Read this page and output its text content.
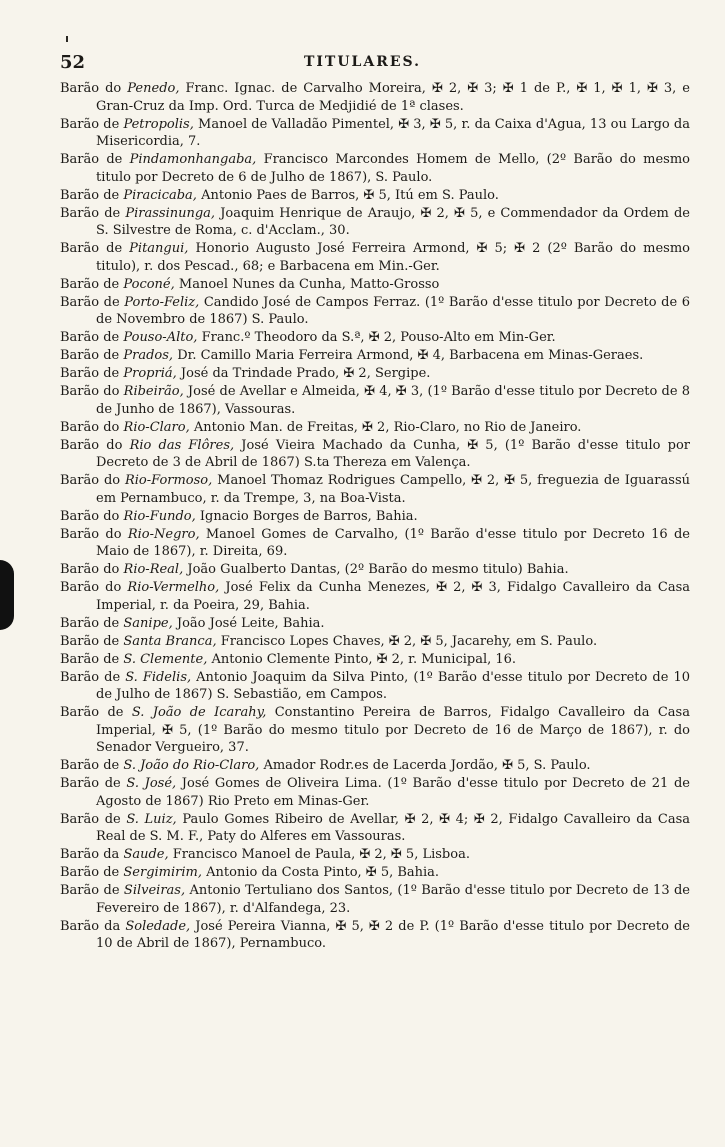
52	TITULARES.

Barão do Penedo, Franc. Ignac. de Carvalho Moreira, ✠ 2, ✠ 3; ✠ 1 de P., ✠ 1, ✠ 1, ✠ 3, e Gran-Cruz da Imp. Ord. Turca de Medjidié de 1ª clases.

Barão de Petropolis, Manoel de Valladão Pimentel, ✠ 3, ✠ 5, r. da Caixa d'Agua, 13 ou Largo da Misericordia, 7.

Barão de Pindamonhangaba, Francisco Marcondes Homem de Mello, (2º Barão do mesmo titulo por Decreto de 6 de Julho de 1867), S. Paulo.

Barão de Piracicaba, Antonio Paes de Barros, ✠ 5, Itú em S. Paulo.

Barão de Pirassinunga, Joaquim Henrique de Araujo, ✠ 2, ✠ 5, e Commendador da Ordem de S. Silvestre de Roma, c. d'Acclam., 30.

Barão de Pitangui, Honorio Augusto José Ferreira Armond, ✠ 5; ✠ 2 (2º Barão do mesmo titulo), r. dos Pescad., 68; e Barbacena em Min.-Ger.

Barão de Poconé, Manoel Nunes da Cunha, Matto-Grosso

Barão de Porto-Feliz, Candido José de Campos Ferraz. (1º Barão d'esse titulo por Decreto de 6 de Novembro de 1867) S. Paulo.

Barão de Pouso-Alto, Franc.º Theodoro da S.ª, ✠ 2, Pouso-Alto em Min-Ger.

Barão de Prados, Dr. Camillo Maria Ferreira Armond, ✠ 4, Barbacena em Minas-Geraes.

Barão de Propriá, José da Trindade Prado, ✠ 2, Sergipe.

Barão do Ribeirão, José de Avellar e Almeida, ✠ 4, ✠ 3, (1º Barão d'esse titulo por Decreto de 8 de Junho de 1867), Vassouras.

Barão do Rio-Claro, Antonio Man. de Freitas, ✠ 2, Rio-Claro, no Rio de Janeiro.

Barão do Rio das Flôres, José Vieira Machado da Cunha, ✠ 5, (1º Barão d'esse titulo por Decreto de 3 de Abril de 1867) S.ta Thereza em Valença.

Barão do Rio-Formoso, Manoel Thomaz Rodrigues Campello, ✠ 2, ✠ 5, freguezia de Iguarassú em Pernambuco, r. da Trempe, 3, na Boa-Vista.

Barão do Rio-Fundo, Ignacio Borges de Barros, Bahia.

Barão do Rio-Negro, Manoel Gomes de Carvalho, (1º Barão d'esse titulo por Decreto 16 de Maio de 1867), r. Direita, 69.

Barão do Rio-Real, João Gualberto Dantas, (2º Barão do mesmo titulo) Bahia.

Barão do Rio-Vermelho, José Felix da Cunha Menezes, ✠ 2, ✠ 3, Fidalgo Cavalleiro da Casa Imperial, r. da Poeira, 29, Bahia.

Barão de Sanipe, João José Leite, Bahia.

Barão de Santa Branca, Francisco Lopes Chaves, ✠ 2, ✠ 5, Jacarehy, em S. Paulo.

Barão de S. Clemente, Antonio Clemente Pinto, ✠ 2, r. Municipal, 16.

Barão de S. Fidelis, Antonio Joaquim da Silva Pinto, (1º Barão d'esse titulo por Decreto de 10 de Julho de 1867) S. Sebastião, em Campos.

Barão de S. João de Icarahy, Constantino Pereira de Barros, Fidalgo Cavalleiro da Casa Imperial, ✠ 5, (1º Barão do mesmo titulo por Decreto de 16 de Março de 1867), r. do Senador Vergueiro, 37.

Barão de S. João do Rio-Claro, Amador Rodr.es de Lacerda Jordão, ✠ 5, S. Paulo.

Barão de S. José, José Gomes de Oliveira Lima. (1º Barão d'esse titulo por Decreto de 21 de Agosto de 1867) Rio Preto em Minas-Ger.

Barão de S. Luiz, Paulo Gomes Ribeiro de Avellar, ✠ 2, ✠ 4; ✠ 2, Fidalgo Cavalleiro da Casa Real de S. M. F., Paty do Alferes em Vassouras.

Barão da Saude, Francisco Manoel de Paula, ✠ 2, ✠ 5, Lisboa.

Barão de Sergimirim, Antonio da Costa Pinto, ✠ 5, Bahia.

Barão de Silveiras, Antonio Tertuliano dos Santos, (1º Barão d'esse titulo por Decreto de 13 de Fevereiro de 1867), r. d'Alfandega, 23.

Barão da Soledade, José Pereira Vianna, ✠ 5, ✠ 2 de P. (1º Barão d'esse titulo por Decreto de 10 de Abril de 1867), Pernambuco.
